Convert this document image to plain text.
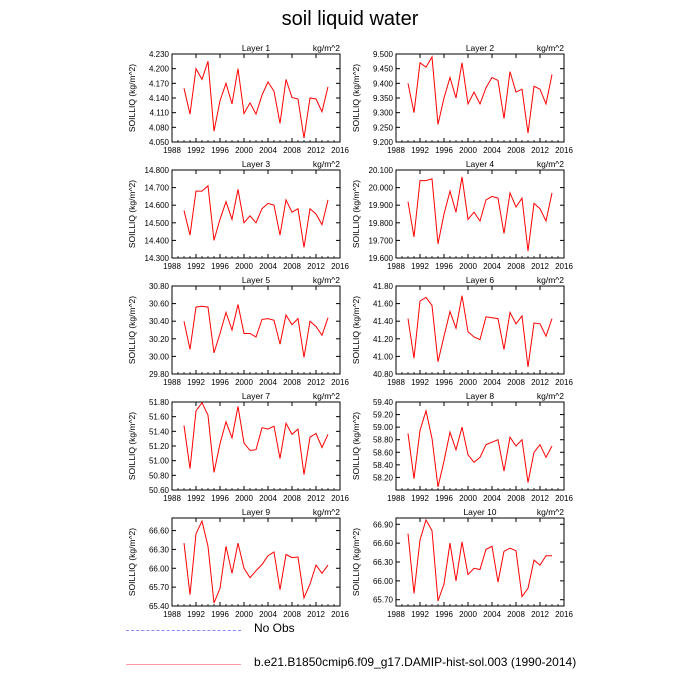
soil liquid water
Layer 1	kg/m^2
SOILLIQ (kg/m^2)
4.050
4.080
4.110
4.140
4.170
4.200
4.230
1988 1992 1996 2000 2004 2008 2012 2016
Layer 2	kg/m^2
SOILLIQ (kg/m^2)
9.200
9.250
9.300
9.350
9.400
9.450
9.500
1988 1992 1996 2000 2004 2008 2012 2016
Layer 3	kg/m^2
SOILLIQ (kg/m^2)
14.300
14.400
14.500
14.600
14.700
14.800
1988 1992 1996 2000 2004 2008 2012 2016
Layer 4	kg/m^2
SOILLIQ (kg/m^2)
19.600
19.700
19.800
19.900
20.000
20.100
1988 1992 1996 2000 2004 2008 2012 2016
Layer 5	kg/m^2
SOILLIQ (kg/m^2)
29.80
30.00
30.20
30.40
30.60
30.80
1988 1992 1996 2000 2004 2008 2012 2016
Layer 6	kg/m^2
SOILLIQ (kg/m^2)
40.80
41.00
41.20
41.40
41.60
41.80
1988 1992 1996 2000 2004 2008 2012 2016
Layer 7	kg/m^2
SOILLIQ (kg/m^2)
50.60
50.80
51.00
51.20
51.40
51.60
51.80
1988 1992 1996 2000 2004 2008 2012 2016
Layer 8	kg/m^2
SOILLIQ (kg/m^2) 58.20
58.40
58.60
58.80
59.00
59.20
59.40
1988 1992 1996 2000 2004 2008 2012 2016
Layer 9	kg/m^2
SOILLIQ (kg/m^2)
65.40
65.70
66.00
66.30
66.60
1988 1992 1996 2000 2004 2008 2012 2016
Layer 10	kg/m^2
SOILLIQ (kg/m^2)
65.70
66.00
66.30
66.60
66.90
1988 1992 1996 2000 2004 2008 2012 2016
No Obs
b.e21.B1850cmip6.f09_g17.DAMIP-hist-sol.003 (1990-2014)
